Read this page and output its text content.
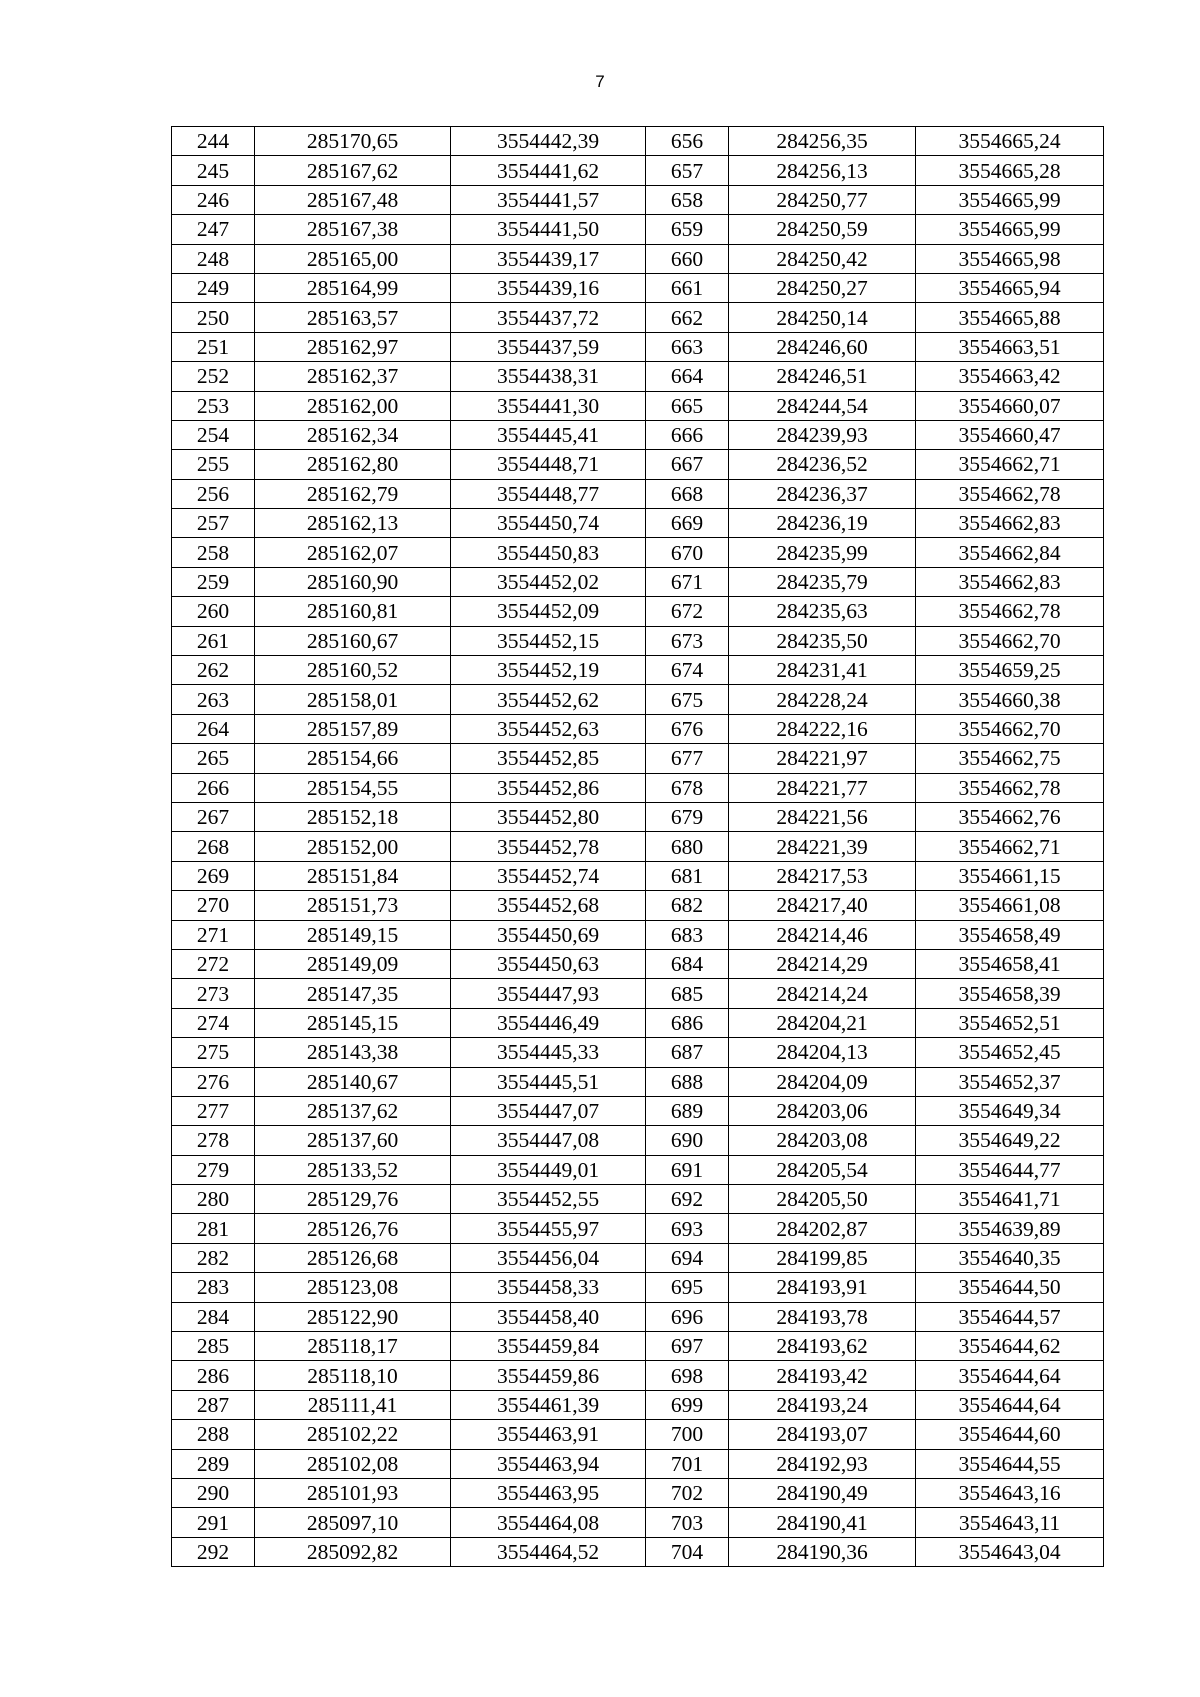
7
244	285170,65	3554442,39	656	284256,35	3554665,24
245	285167,62	3554441,62	657	284256,13	3554665,28
246	285167,48	3554441,57	658	284250,77	3554665,99
247	285167,38	3554441,50	659	284250,59	3554665,99
248	285165,00	3554439,17	660	284250,42	3554665,98
249	285164,99	3554439,16	661	284250,27	3554665,94
250	285163,57	3554437,72	662	284250,14	3554665,88
251	285162,97	3554437,59	663	284246,60	3554663,51
252	285162,37	3554438,31	664	284246,51	3554663,42
253	285162,00	3554441,30	665	284244,54	3554660,07
254	285162,34	3554445,41	666	284239,93	3554660,47
255	285162,80	3554448,71	667	284236,52	3554662,71
256	285162,79	3554448,77	668	284236,37	3554662,78
257	285162,13	3554450,74	669	284236,19	3554662,83
258	285162,07	3554450,83	670	284235,99	3554662,84
259	285160,90	3554452,02	671	284235,79	3554662,83
260	285160,81	3554452,09	672	284235,63	3554662,78
261	285160,67	3554452,15	673	284235,50	3554662,70
262	285160,52	3554452,19	674	284231,41	3554659,25
263	285158,01	3554452,62	675	284228,24	3554660,38
264	285157,89	3554452,63	676	284222,16	3554662,70
265	285154,66	3554452,85	677	284221,97	3554662,75
266	285154,55	3554452,86	678	284221,77	3554662,78
267	285152,18	3554452,80	679	284221,56	3554662,76
268	285152,00	3554452,78	680	284221,39	3554662,71
269	285151,84	3554452,74	681	284217,53	3554661,15
270	285151,73	3554452,68	682	284217,40	3554661,08
271	285149,15	3554450,69	683	284214,46	3554658,49
272	285149,09	3554450,63	684	284214,29	3554658,41
273	285147,35	3554447,93	685	284214,24	3554658,39
274	285145,15	3554446,49	686	284204,21	3554652,51
275	285143,38	3554445,33	687	284204,13	3554652,45
276	285140,67	3554445,51	688	284204,09	3554652,37
277	285137,62	3554447,07	689	284203,06	3554649,34
278	285137,60	3554447,08	690	284203,08	3554649,22
279	285133,52	3554449,01	691	284205,54	3554644,77
280	285129,76	3554452,55	692	284205,50	3554641,71
281	285126,76	3554455,97	693	284202,87	3554639,89
282	285126,68	3554456,04	694	284199,85	3554640,35
283	285123,08	3554458,33	695	284193,91	3554644,50
284	285122,90	3554458,40	696	284193,78	3554644,57
285	285118,17	3554459,84	697	284193,62	3554644,62
286	285118,10	3554459,86	698	284193,42	3554644,64
287	285111,41	3554461,39	699	284193,24	3554644,64
288	285102,22	3554463,91	700	284193,07	3554644,60
289	285102,08	3554463,94	701	284192,93	3554644,55
290	285101,93	3554463,95	702	284190,49	3554643,16
291	285097,10	3554464,08	703	284190,41	3554643,11
292	285092,82	3554464,52	704	284190,36	3554643,04
